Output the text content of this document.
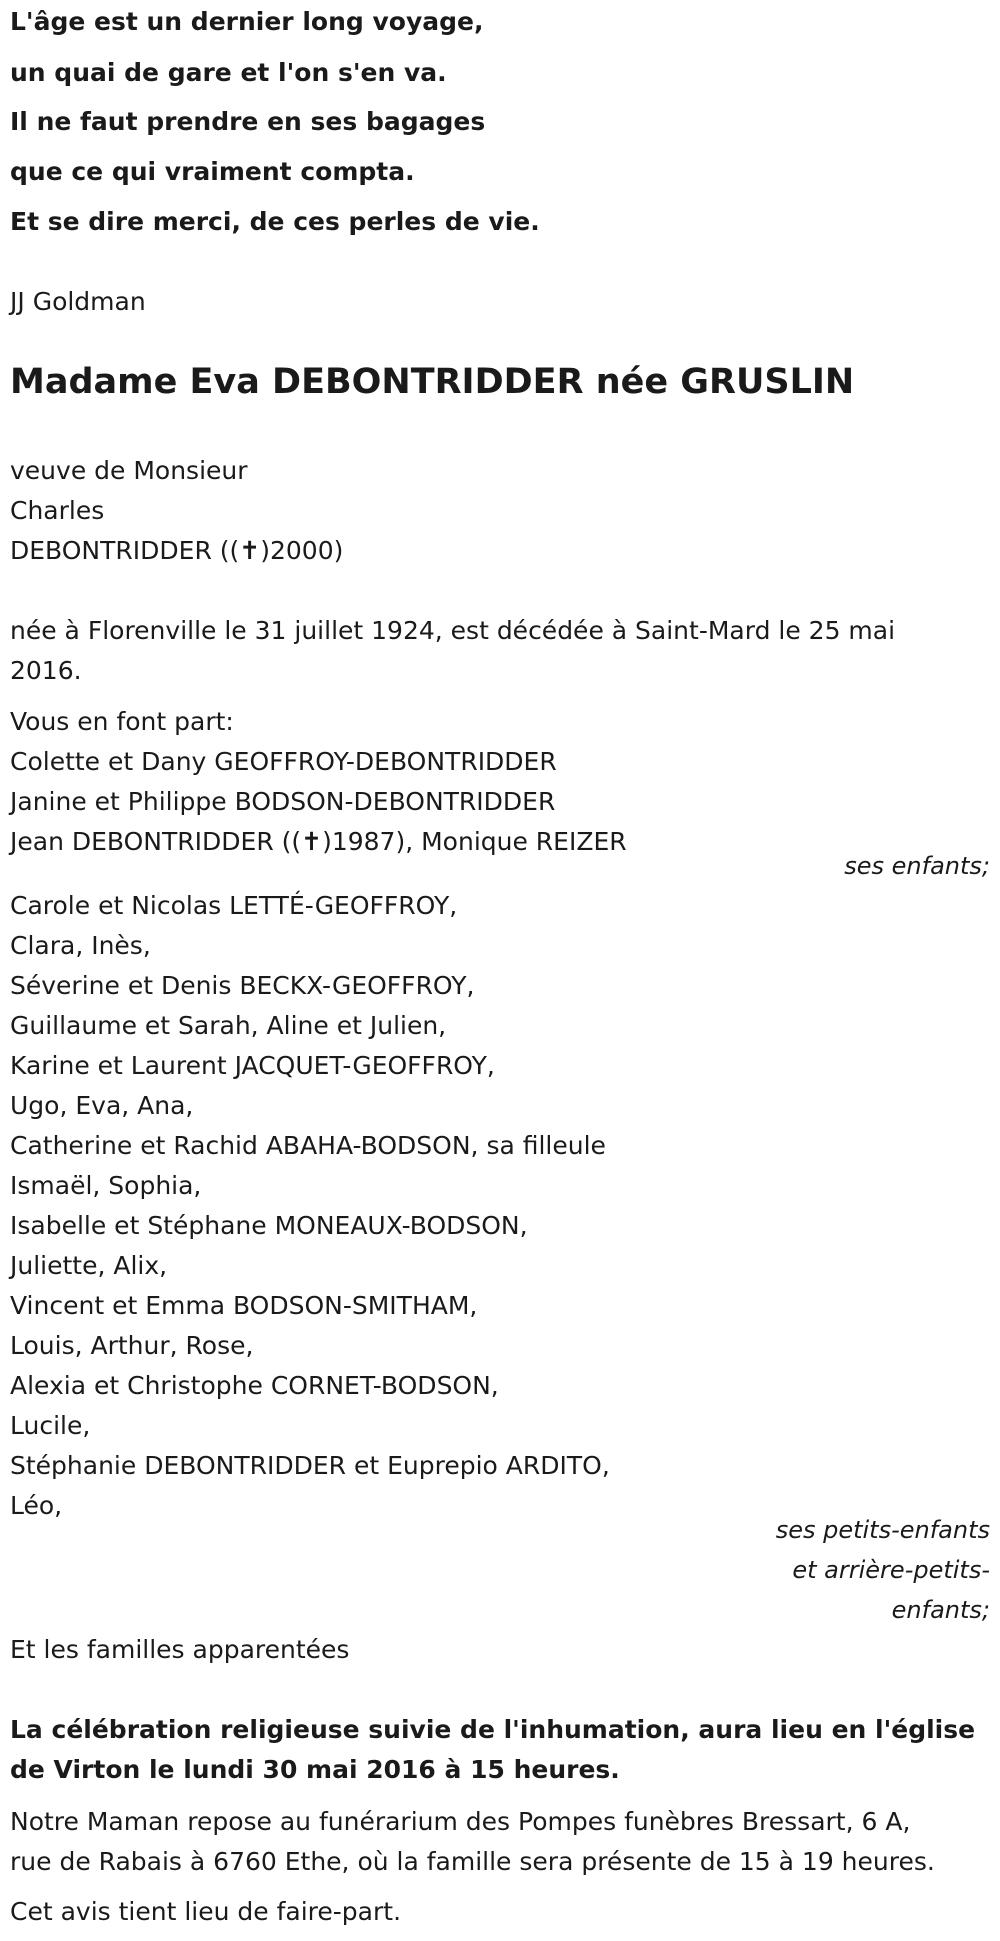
L'âge est un dernier long voyage,
un quai de gare et l'on s'en va.
Il ne faut prendre en ses bagages
que ce qui vraiment compta.
Et se dire merci, de ces perles de vie.
JJ Goldman
Madame Eva DEBONTRIDDER née GRUSLIN
veuve de Monsieur
Charles
DEBONTRIDDER ((✝)2000)
née à Florenville le 31 juillet 1924, est décédée à Saint-Mard le 25 mai
2016.
Vous en font part:
Colette et Dany GEOFFROY-DEBONTRIDDER
Janine et Philippe BODSON-DEBONTRIDDER
Jean DEBONTRIDDER ((✝)1987), Monique REIZER
ses enfants;
Carole et Nicolas LETTÉ-GEOFFROY,
Clara, Inès,
Séverine et Denis BECKX-GEOFFROY,
Guillaume et Sarah, Aline et Julien,
Karine et Laurent JACQUET-GEOFFROY,
Ugo, Eva, Ana,
Catherine et Rachid ABAHA-BODSON, sa filleule
Ismaël, Sophia,
Isabelle et Stéphane MONEAUX-BODSON,
Juliette, Alix,
Vincent et Emma BODSON-SMITHAM,
Louis, Arthur, Rose,
Alexia et Christophe CORNET-BODSON,
Lucile,
Stéphanie DEBONTRIDDER et Euprepio ARDITO,
Léo,
ses petits-enfants
et arrière-petits-
enfants;
Et les familles apparentées
La célébration religieuse suivie de l'inhumation, aura lieu en l'église
de Virton le lundi 30 mai 2016 à 15 heures.
Notre Maman repose au funérarium des Pompes funèbres Bressart, 6 A,
rue de Rabais à 6760 Ethe, où la famille sera présente de 15 à 19 heures.
Cet avis tient lieu de faire-part.
